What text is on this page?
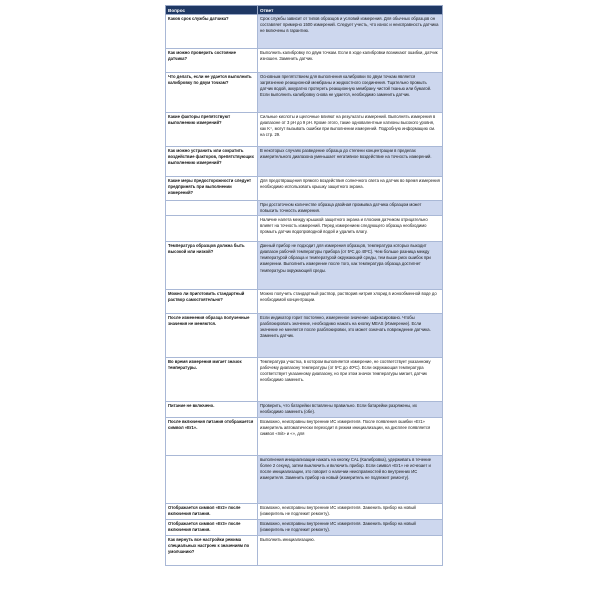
Вопрос	Ответ
Каков срок службы датчика?	Срок службы зависит от типов образцов и условий измерения. Для обычных образцов он составляет примерно 1500 измерений. Следует учесть, что износ и неисправность датчика не включены в гарантию.
Как можно проверить состояние датчика?	Выполнить калибровку по двум точкам. Если в ходе калибровки возникают ошибки, датчик изношен. Заменить датчик.
Что делать, если не удается выполнить калибровку по двум точкам?	Основным препятствием для выполнения калибровки по двум точкам является загрязнение реакционной мембраны и жидкостного соединения. Тщательно промыть датчик водой, аккуратно протереть реакционную мембрану чистой тканью или бумагой. Если выполнить калибровку снова не удается, необходимо заменить датчик.
Какие факторы препятствуют выполнению измерений?	Сильные кислоты и щелочные влияют на результаты измерений. Выполнять измерения в диапазоне от 3 pH до 9 pH. Кроме этого, такие одновалентные катионы высокого уровня, как K⁺, могут вызывать ошибки при выполнении измерений. Подробную информацию см. на стр. 29.
Как можно устранить или сократить воздействие факторов, препятствующих выполнению измерений?	В некоторых случаях разведение образца до степени концентрации в пределах измерительного диапазона уменьшает негативное воздействие на точность измерений.
Какие меры предосторожности следует предпринять при выполнении измерений?	Для предотвращения прямого воздействия солнечного света на датчик во время измерения необходимо использовать крышку защитного экрана.
	При достаточном количестве образца двойная промывка датчика образцом может повысить точность измерения.
	Наличие налета между крышкой защитного экрана и плоским датчиком отрицательно влияет на точность измерений. Перед измерением следующего образца необходимо промыть датчик водопроводной водой и удалить влагу.
Температура образцов должна быть высокой или низкой?	Данный прибор не подходит для измерения образцов, температура которых выходит диапазон рабочей температуры прибора (от 5ºC до 40ºC). Чем больше разница между температурой образца и температурой окружающей среды, тем выше риск ошибок при измерении. Выполнить измерение после того, как температура образца достигнет температуры окружающей среды.
Можно ли приготовить стандартный раствор самостоятельно?	Можно получить стандартный раствор, растворив нитрия хлорид в ионообменной воде до необходимой концентрации.
После изменения образца полученные значения не меняются.	Если индикатор горит постоянно, измеренное значение зафиксировано. Чтобы разблокировать значение, необходимо нажать на кнопку MEAS (Измерение). Если значение не меняется после разблокировки, это может означать повреждение датчика. Заменить датчик.
Во время измерения мигает значок температуры.	Температура участка, в котором выполняется измерение, не соответствует указанному рабочему диапазону температуры (от 5ºC до 40ºC). Если окружающая температура соответствует указанному диапазону, но при этом значок температуры мигает, датчик необходимо заменить.
Питание не включено.	Проверить, что батарейки вставлены правильно. Если батарейки разряжены, их необходимо заменить (обе).
После включения питания отображается символ «Er1».	Возможно, неисправны внутренние ИС измерителя. После появления ошибки «Er1» измеритель автоматически переходит в режим инициализации, на дисплее появляется символ «Init» и «», для
	выполнения инициализации нажать на кнопку CAL (Калибровка), удерживать в течение более 2 секунд, затем выключить и включить прибор. Если символ «Er1» не исчезает и после инициализации, это говорит о наличии неисправностей во внутренних ИС измерителя. Заменить прибор на новый (измеритель не подлежит ремонту).
Отображается символ «Er2» после включения питания.	Возможно, неисправны внутренние ИС измерителя. Заменить прибор на новый (измеритель не подлежит ремонту).
Отображается символ «Er3» после включения питания.	Возможно, неисправны внутренние ИС измерителя. Заменить прибор на новый (измеритель не подлежит ремонту).
Как вернуть все настройки режима специальных настроек к значениям по умолчанию?	Выполнить инициализацию.
